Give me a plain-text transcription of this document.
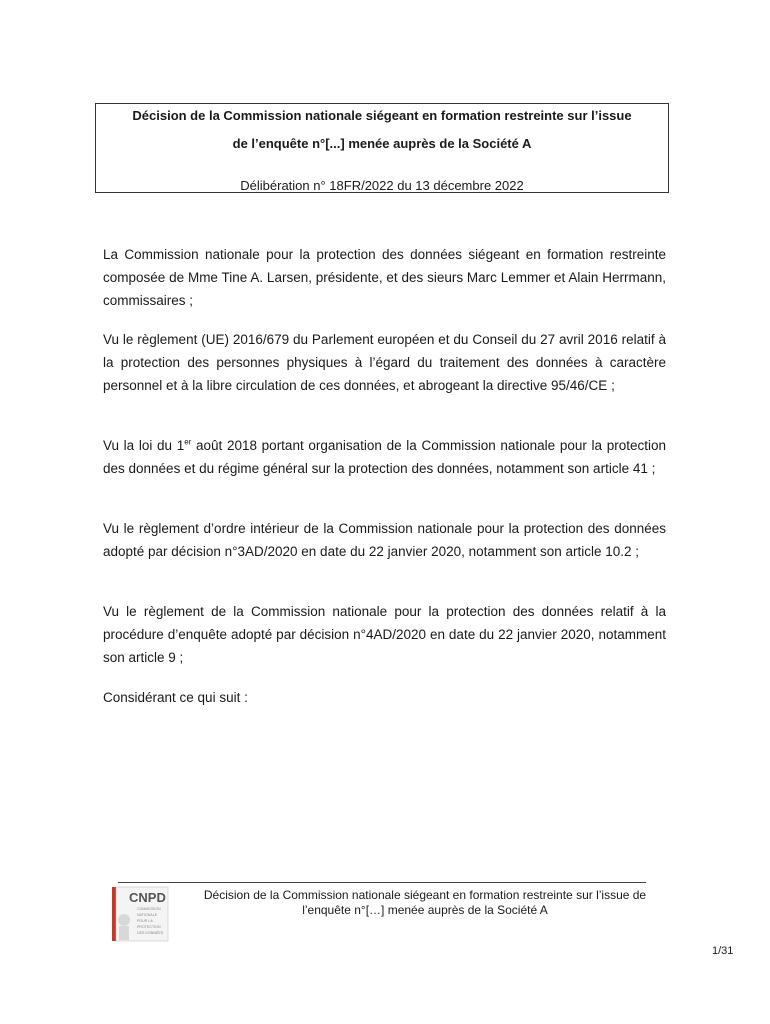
Décision de la Commission nationale siégeant en formation restreinte sur l’issue
de l’enquête n°[...] menée auprès de la Société A
Délibération n° 18FR/2022 du 13 décembre 2022
La Commission nationale pour la protection des données siégeant en formation restreinte composée de Mme Tine A. Larsen, présidente, et des sieurs Marc Lemmer et Alain Herrmann, commissaires ;
Vu le règlement (UE) 2016/679 du Parlement européen et du Conseil du 27 avril 2016 relatif à la protection des personnes physiques à l’égard du traitement des données à caractère personnel et à la libre circulation de ces données, et abrogeant la directive 95/46/CE ;
Vu la loi du 1er août 2018 portant organisation de la Commission nationale pour la protection des données et du régime général sur la protection des données, notamment son article 41 ;
Vu le règlement d’ordre intérieur de la Commission nationale pour la protection des données adopté par décision n°3AD/2020 en date du 22 janvier 2020, notamment son article 10.2 ;
Vu le règlement de la Commission nationale pour la protection des données relatif à la procédure d’enquête adopté par décision n°4AD/2020 en date du 22 janvier 2020, notamment son article 9 ;
Considérant ce qui suit :
CNPD
COMMISSION
NATIONALE
POUR LA
PROTECTION
DES DONNÉES
Décision de la Commission nationale siégeant en formation restreinte sur l’issue de l’enquête n°[…] menée auprès de la Société A
1/31
